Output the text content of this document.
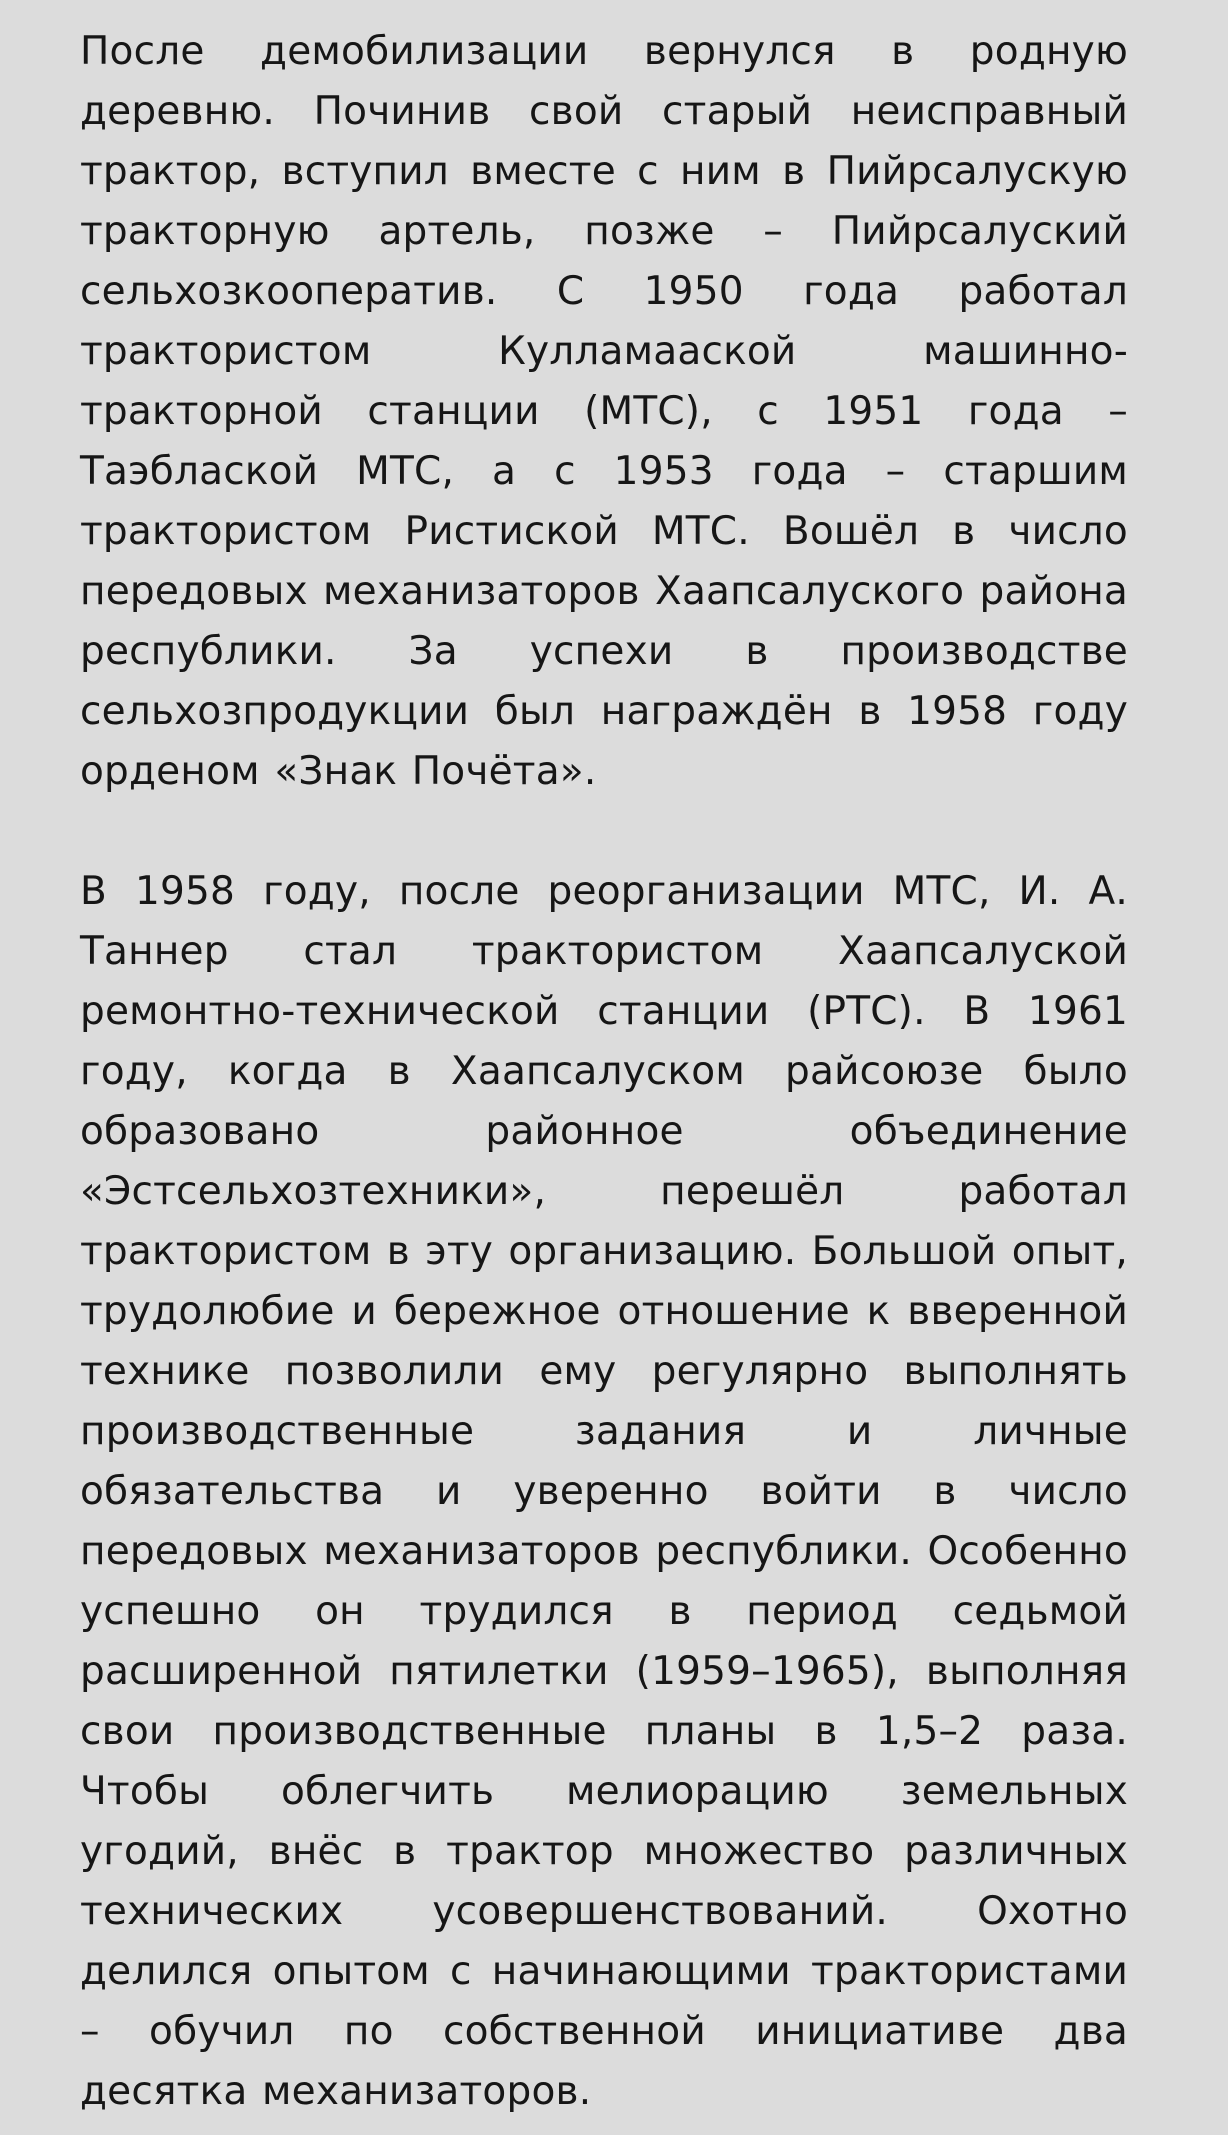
После демобилизации вернулся в родную деревню. Починив свой старый неисправный трактор, вступил вместе с ним в Пийрсалускую тракторную артель, позже – Пийрсалуский сельхозкооператив. С 1950 года работал трактористом Кулламааской машинно-тракторной станции (МТС), с 1951 года – Таэблаской МТС, а с 1953 года – старшим трактористом Ристиской МТС. Вошёл в число передовых механизаторов Хаапсалуского района республики. За успехи в производстве сельхозпродукции был награждён в 1958 году орденом «Знак Почёта».

В 1958 году, после реорганизации МТС, И. А. Таннер стал трактористом Хаапсалуской ремонтно-технической станции (РТС). В 1961 году, когда в Хаапсалуском райсоюзе было образовано районное объединение «Эстсельхозтехники», перешёл работал трактористом в эту организацию. Большой опыт, трудолюбие и бережное отношение к вверенной технике позволили ему регулярно выполнять производственные задания и личные обязательства и уверенно войти в число передовых механизаторов республики. Особенно успешно он трудился в период седьмой расширенной пятилетки (1959–1965), выполняя свои производственные планы в 1,5–2 раза. Чтобы облегчить мелиорацию земельных угодий, внёс в трактор множество различных технических усовершенствований. Охотно делился опытом с начинающими трактористами – обучил по собственной инициативе два десятка механизаторов.
